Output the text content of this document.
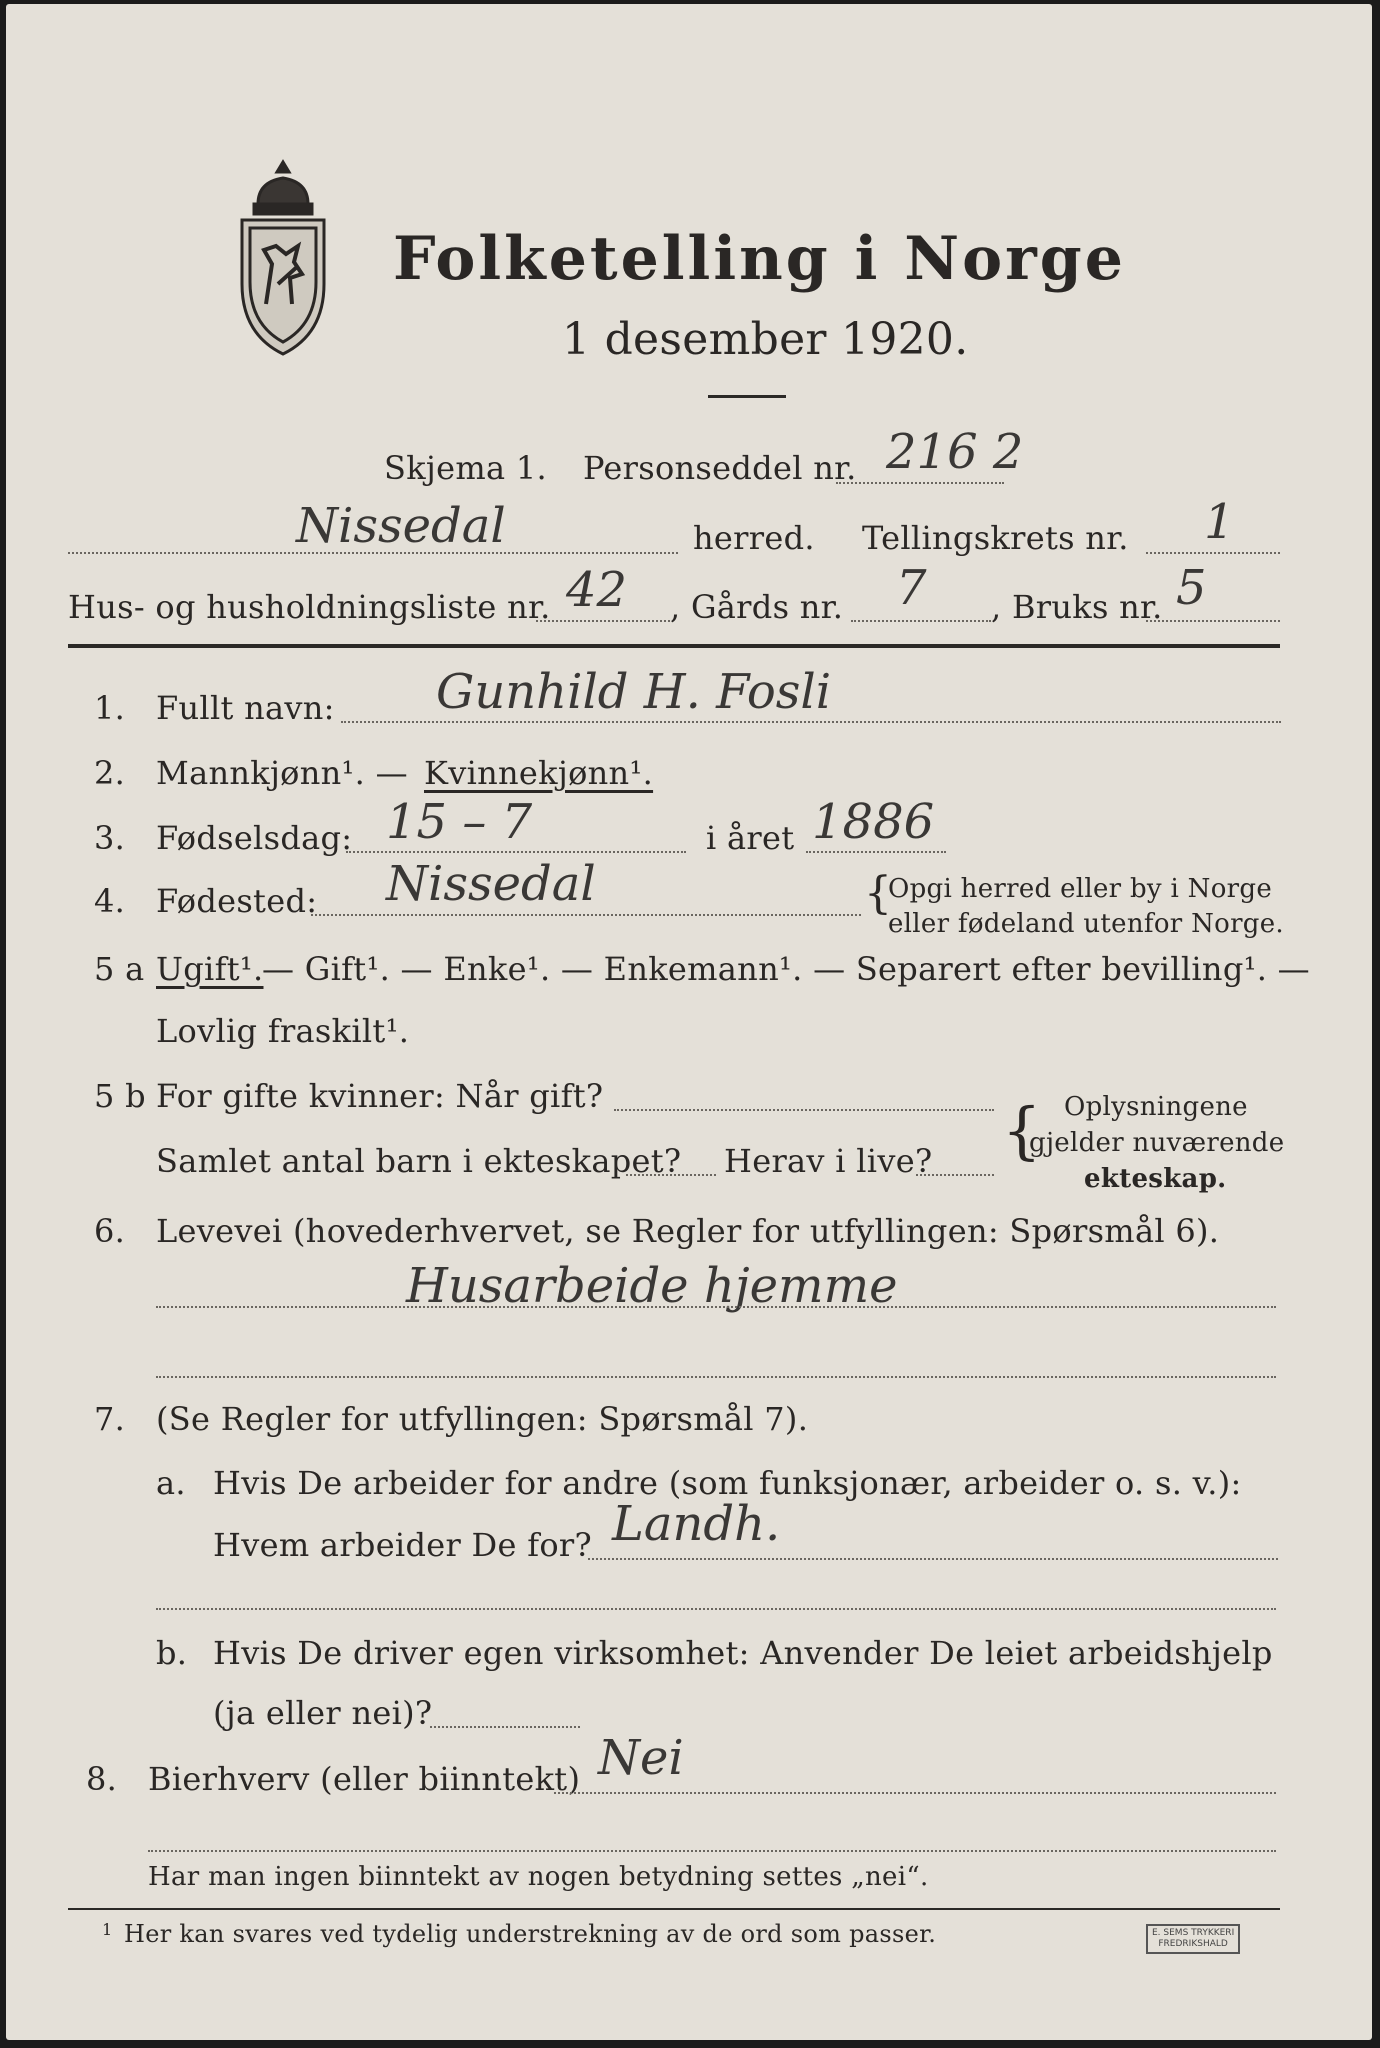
Folketelling i Norge
1 desember 1920.
Skjema 1. Personseddel nr. 216 2
Nissedal	herred. Tellingskrets nr. 1
Hus- og husholdningsliste nr. 42 , Gårds nr. 7 , Bruks nr. 5
1. Fullt navn: Gunhild H. Fosli
2. Mannkjønn¹. — Kvinnekjønn¹.
3. Fødselsdag: 15 – 7	i året 1886
4. Fødested: Nissedal	{
Opgi herred eller by i Norge
eller fødeland utenfor Norge.
5 a Ugift¹.
— Gift¹. — Enke¹. — Enkemann¹. — Separert efter bevilling¹. —
Lovlig fraskilt¹.
5 b For gifte kvinner: Når gift?
Samlet antal barn i ekteskapet? Herav i live? { Oplysningene
gjelder nuværende
ekteskap.
6. Levevei (hovederhvervet, se Regler for utfyllingen: Spørsmål 6).
Husarbeide hjemme
7. (Se Regler for utfyllingen: Spørsmål 7).
a. Hvis De arbeider for andre (som funksjonær, arbeider o. s. v.):
Hvem arbeider De for? Landh.
b. Hvis De driver egen virksomhet: Anvender De leiet arbeidshjelp
(ja eller nei)?
8. Bierhverv (eller biinntekt) Nei
Har man ingen biinntekt av nogen betydning settes „nei“.
1 Her kan svares ved tydelig understrekning av de ord som passer.	E. SEMS TRYKKERI
FREDRIKSHALD
